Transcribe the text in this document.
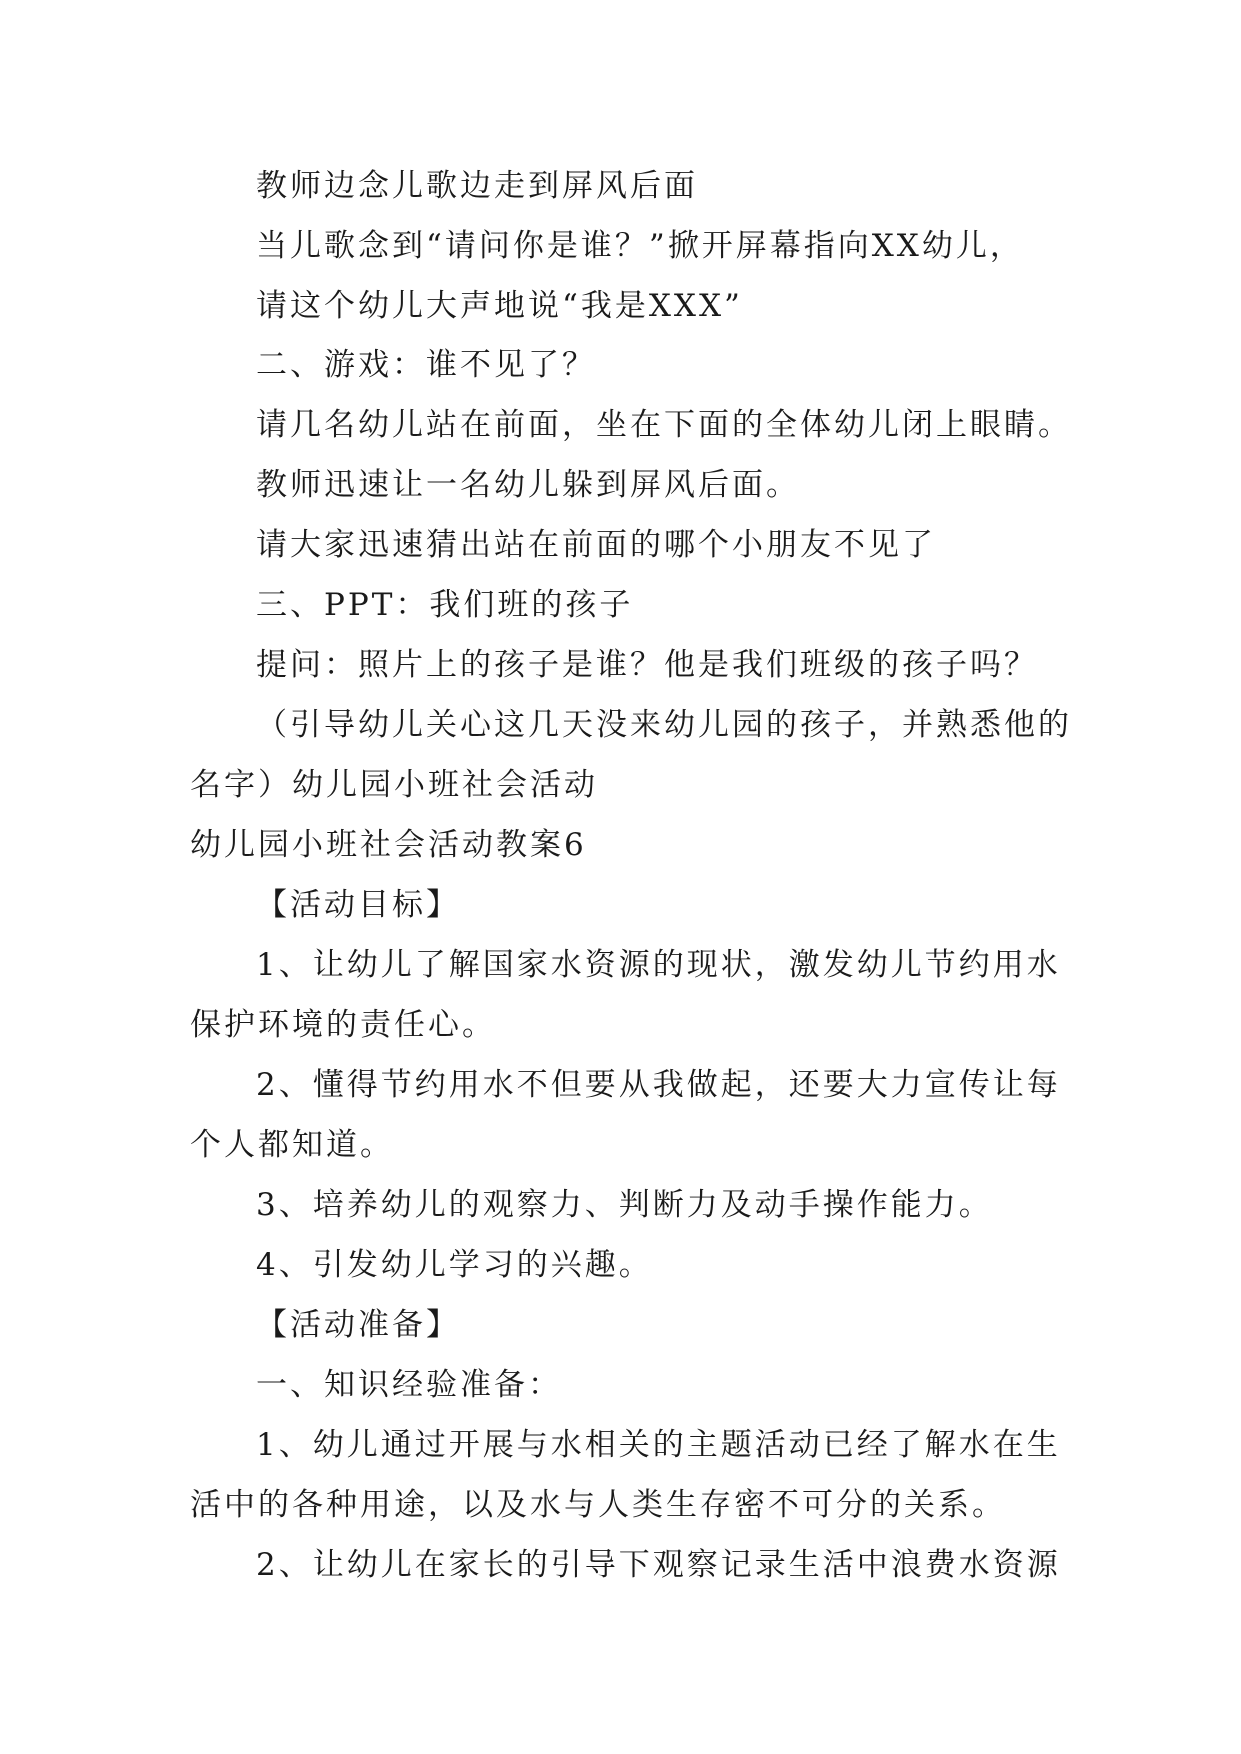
教师边念儿歌边走到屏风后面
当儿歌念到“请问你是谁？”掀开屏幕指向XX幼儿，
请这个幼儿大声地说“我是XXX”
二、游戏：谁不见了？
请几名幼儿站在前面，坐在下面的全体幼儿闭上眼睛。
教师迅速让一名幼儿躲到屏风后面。
请大家迅速猜出站在前面的哪个小朋友不见了
三、PPT：我们班的孩子
提问：照片上的孩子是谁？他是我们班级的孩子吗？
（引导幼儿关心这几天没来幼儿园的孩子，并熟悉他的
名字）幼儿园小班社会活动
幼儿园小班社会活动教案6
【活动目标】
1、让幼儿了解国家水资源的现状，激发幼儿节约用水
保护环境的责任心。
2、懂得节约用水不但要从我做起，还要大力宣传让每
个人都知道。
3、培养幼儿的观察力、判断力及动手操作能力。
4、引发幼儿学习的兴趣。
【活动准备】
一、知识经验准备：
1、幼儿通过开展与水相关的主题活动已经了解水在生
活中的各种用途，以及水与人类生存密不可分的关系。
2、让幼儿在家长的引导下观察记录生活中浪费水资源
